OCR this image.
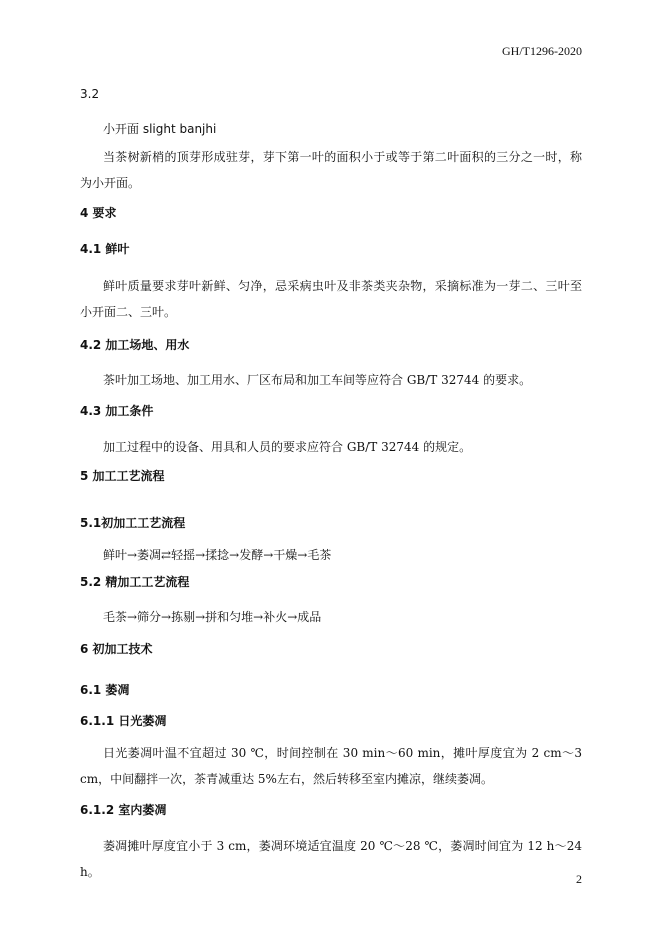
GH/T1296-2020
3.2
小开面 slight banjhi
当茶树新梢的顶芽形成驻芽，芽下第一叶的面积小于或等于第二叶面积的三分之一时，称为小开面。
4 要求
4.1 鲜叶
鲜叶质量要求芽叶新鲜、匀净，忌采病虫叶及非茶类夹杂物，采摘标准为一芽二、三叶至小开面二、三叶。
4.2 加工场地、用水
茶叶加工场地、加工用水、厂区布局和加工车间等应符合 GB/T 32744 的要求。
4.3 加工条件
加工过程中的设备、用具和人员的要求应符合 GB/T 32744 的规定。
5 加工工艺流程
5.1初加工工艺流程
鲜叶→萎凋⇄轻摇→揉捻→发酵→干燥→毛茶
5.2 精加工工艺流程
毛茶→筛分→拣剔→拼和匀堆→补火→成品
6 初加工技术
6.1 萎凋
6.1.1 日光萎凋
日光萎凋叶温不宜超过 30 ℃，时间控制在 30 min～60 min，摊叶厚度宜为 2 cm～3 cm，中间翻拌一次，茶青减重达 5%左右，然后转移至室内摊凉，继续萎凋。
6.1.2 室内萎凋
萎凋摊叶厚度宜小于 3 cm，萎凋环境适宜温度 20 ℃～28 ℃，萎凋时间宜为 12 h～24 h。	2
